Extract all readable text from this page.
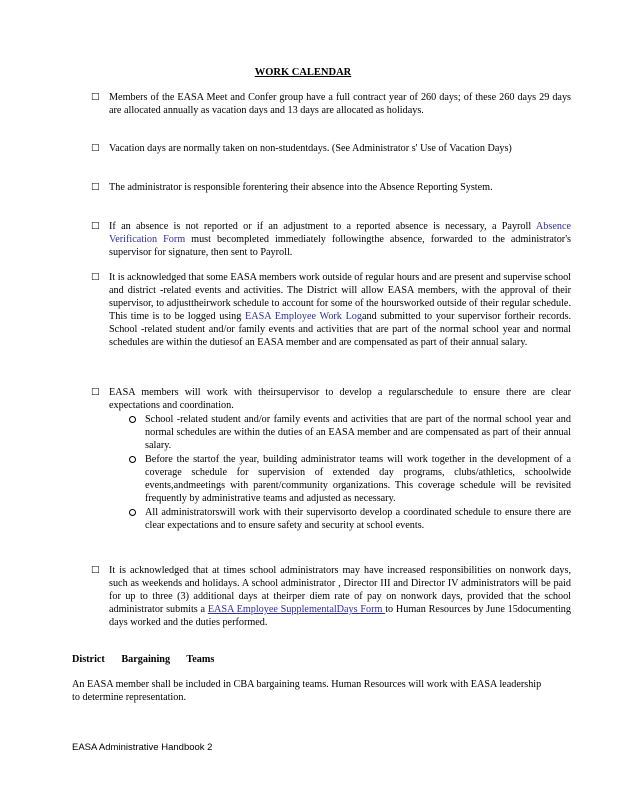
WORK CALENDAR
□ Members of the EASA Meet and Confer group have a full contract year of 260 days; of these 260 days 29 days are allocated annually as vacation days and 13 days are allocated as holidays.
□ Vacation days are normally taken on non-studentdays. (See Administrator s' Use of Vacation Days)
□ The administrator is responsible forentering their absence into the Absence Reporting System.
□ If an absence is not reported or if an adjustment to a reported absence is necessary, a Payroll Absence Verification Form must becompleted immediately followingthe absence, forwarded to the administrator's supervisor for signature, then sent to Payroll.
□ It is acknowledged that some EASA members work outside of regular hours and are present and supervise school and district -related events and activities. The District will allow EASA members, with the approval of their supervisor, to adjusttheirwork schedule to account for some of the hoursworked outside of their regular schedule. This time is to be logged using EASA Employee Work Logand submitted to your supervisor fortheir records. School -related student and/or family events and activities that are part of the normal school year and normal schedules are within the dutiesof an EASA member and are compensated as part of their annual salary.
□ EASA members will work with theirsupervisor to develop a regularschedule to ensure there are clear expectations and coordination.
School -related student and/or family events and activities that are part of the normal school year and normal schedules are within the duties of an EASA member and are compensated as part of their annual salary.
Before the startof the year, building administrator teams will work together in the development of a coverage schedule for supervision of extended day programs, clubs/athletics, schoolwide events,andmeetings with parent/community organizations. This coverage schedule will be revisited frequently by administrative teams and adjusted as necessary.
All administratorswill work with their supervisorto develop a coordinated schedule to ensure there are clear expectations and to ensure safety and security at school events.
□ It is acknowledged that at times school administrators may have increased responsibilities on nonwork days, such as weekends and holidays. A school administrator , Director III and Director IV administrators will be paid for up to three (3) additional days at theirper diem rate of pay on nonwork days, provided that the school administrator submits a EASA Employee SupplementalDays Form to Human Resources by June 15documenting days worked and the duties performed.
District Bargaining Teams
An EASA member shall be included in CBA bargaining teams. Human Resources will work with EASA leadership to determine representation.
EASA Administrative Handbook 2
